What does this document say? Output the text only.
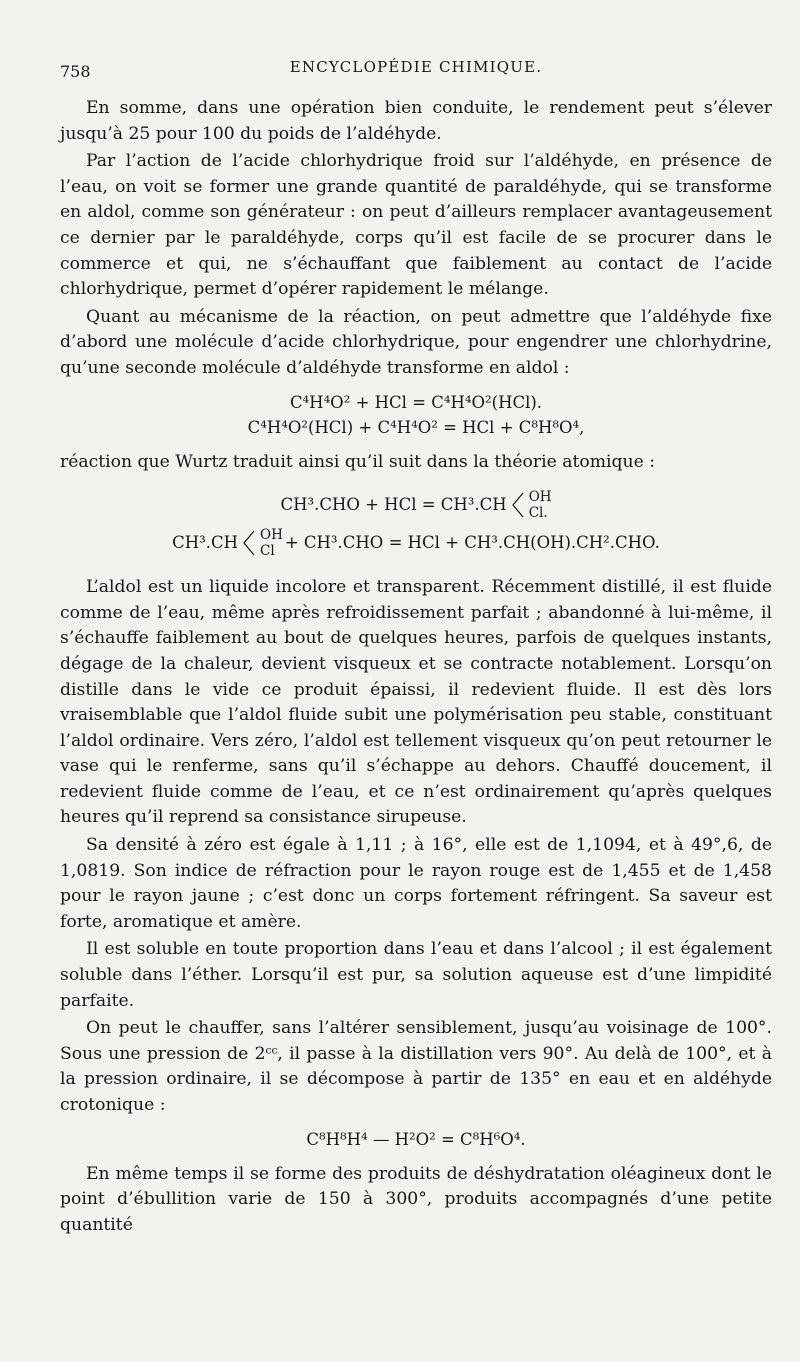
758	ENCYCLOPÉDIE CHIMIQUE.

En somme, dans une opération bien conduite, le rendement peut s’élever jusqu’à 25 pour 100 du poids de l’aldéhyde.

Par l’action de l’acide chlorhydrique froid sur l’aldéhyde, en présence de l’eau, on voit se former une grande quantité de paraldéhyde, qui se transforme en aldol, comme son générateur : on peut d’ailleurs remplacer avantageusement ce dernier par le paraldéhyde, corps qu’il est facile de se procurer dans le commerce et qui, ne s’échauffant que faiblement au contact de l’acide chlorhydrique, permet d’opérer rapidement le mélange.

Quant au mécanisme de la réaction, on peut admettre que l’aldéhyde fixe d’abord une molécule d’acide chlorhydrique, pour engendrer une chlorhydrine, qu’une seconde molécule d’aldéhyde transforme en aldol :

C⁴H⁴O² + HCl = C⁴H⁴O²(HCl).
C⁴H⁴O²(HCl) + C⁴H⁴O² = HCl + C⁸H⁸O⁴,

réaction que Wurtz traduit ainsi qu’il suit dans la théorie atomique :

CH³.CHO + HCl = CH³.CH OH
Cl.
CH³.CH OH
Cl + CH³.CHO = HCl + CH³.CH(OH).CH².CHO.

L’aldol est un liquide incolore et transparent. Récemment distillé, il est fluide comme de l’eau, même après refroidissement parfait ; abandonné à lui-même, il s’échauffe faiblement au bout de quelques heures, parfois de quelques instants, dégage de la chaleur, devient visqueux et se contracte notablement. Lorsqu’on distille dans le vide ce produit épaissi, il redevient fluide. Il est dès lors vraisemblable que l’aldol fluide subit une polymérisation peu stable, constituant l’aldol ordinaire. Vers zéro, l’aldol est tellement visqueux qu’on peut retourner le vase qui le renferme, sans qu’il s’échappe au dehors. Chauffé doucement, il redevient fluide comme de l’eau, et ce n’est ordinairement qu’après quelques heures qu’il reprend sa consistance sirupeuse.

Sa densité à zéro est égale à 1,11 ; à 16°, elle est de 1,1094, et à 49°,6, de 1,0819. Son indice de réfraction pour le rayon rouge est de 1,455 et de 1,458 pour le rayon jaune ; c’est donc un corps fortement réfringent. Sa saveur est forte, aromatique et amère.

Il est soluble en toute proportion dans l’eau et dans l’alcool ; il est également soluble dans l’éther. Lorsqu’il est pur, sa solution aqueuse est d’une limpidité parfaite.

On peut le chauffer, sans l’altérer sensiblement, jusqu’au voisinage de 100°. Sous une pression de 2ᶜᶜ, il passe à la distillation vers 90°. Au delà de 100°, et à la pression ordinaire, il se décompose à partir de 135° en eau et en aldéhyde crotonique :

C⁸H⁸H⁴ — H²O² = C⁸H⁶O⁴.

En même temps il se forme des produits de déshydratation oléagineux dont le point d’ébullition varie de 150 à 300°, produits accompagnés d’une petite quantité
